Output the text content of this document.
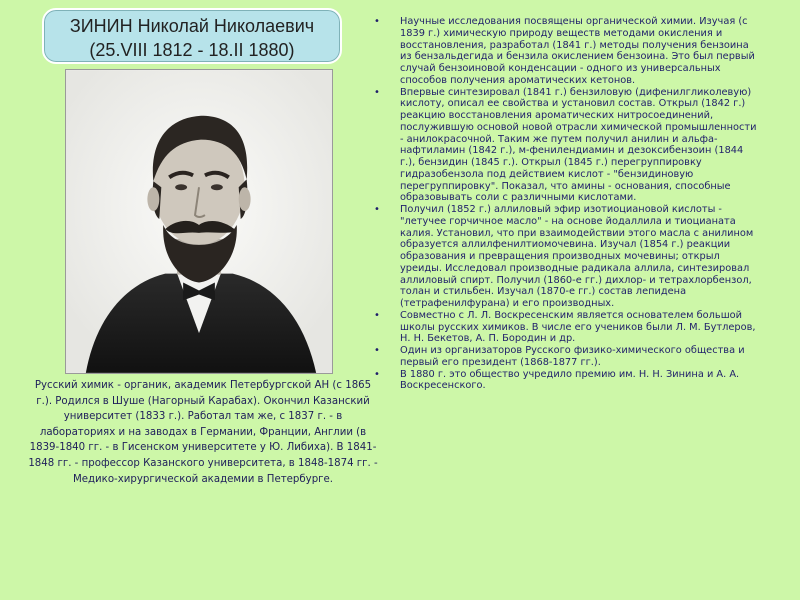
ЗИНИН Николай Николаевич
(25.VIII 1812 - 18.II 1880)
Русский химик - органик, академик Петербургской АН (с 1865 г.). Родился в Шуше (Нагорный Карабах). Окончил Казанский университет (1833 г.). Работал там же, с 1837 г. - в лабораториях и на заводах в Германии, Франции, Англии (в 1839-1840 гг. - в Гисенском университете у Ю. Либиха). В 1841-1848 гг. - профессор Казанского университета, в 1848-1874 гг. - Медико-хирургической академии в Петербурге.
• Научные исследования посвящены органической химии. Изучая (с 1839 г.) химическую природу веществ методами окисления и восстановления, разработал (1841 г.) методы получения бензоина из бензальдегида и бензила окислением бензоина. Это был первый случай бензоиновой конденсации - одного из универсальных способов получения ароматических кетонов.
• Впервые синтезировал (1841 г.) бензиловую (дифенилгликолевую) кислоту, описал ее свойства и установил состав. Открыл (1842 г.) реакцию восстановления ароматических нитросоединений, послужившую основой новой отрасли химической промышленности - анилокрасочной. Таким же путем получил анилин и альфа-нафтиламин (1842 г.), м-фенилендиамин и дезоксибензоин (1844 г.), бензидин (1845 г.). Открыл (1845 г.) перегруппировку гидразобензола под действием кислот - "бензидиновую перегруппировку". Показал, что амины - основания, способные образовывать соли с различными кислотами.
• Получил (1852 г.) аллиловый эфир изотиоциановой кислоты - "летучее горчичное масло" - на основе йодаллила и тиоцианата калия. Установил, что при взаимодействии этого масла с анилином образуется аллилфенилтиомочевина. Изучал (1854 г.) реакции образования и превращения производных мочевины; открыл уреиды. Исследовал производные радикала аллила, синтезировал аллиловый спирт. Получил (1860-е гг.) дихлор- и тетрахлорбензол, толан и стильбен. Изучал (1870-е гг.) состав лепидена (тетрафенилфурана) и его производных.
• Совместно с Л. Л. Воскресенским является основателем большой школы русских химиков. В числе его учеников были Л. М. Бутлеров, Н. Н. Бекетов, А. П. Бородин и др.
• Один из организаторов Русского физико-химического общества и первый его президент (1868-1877 гг.).
• В 1880 г. это общество учредило премию им. Н. Н. Зинина и А. А. Воскресенского.
